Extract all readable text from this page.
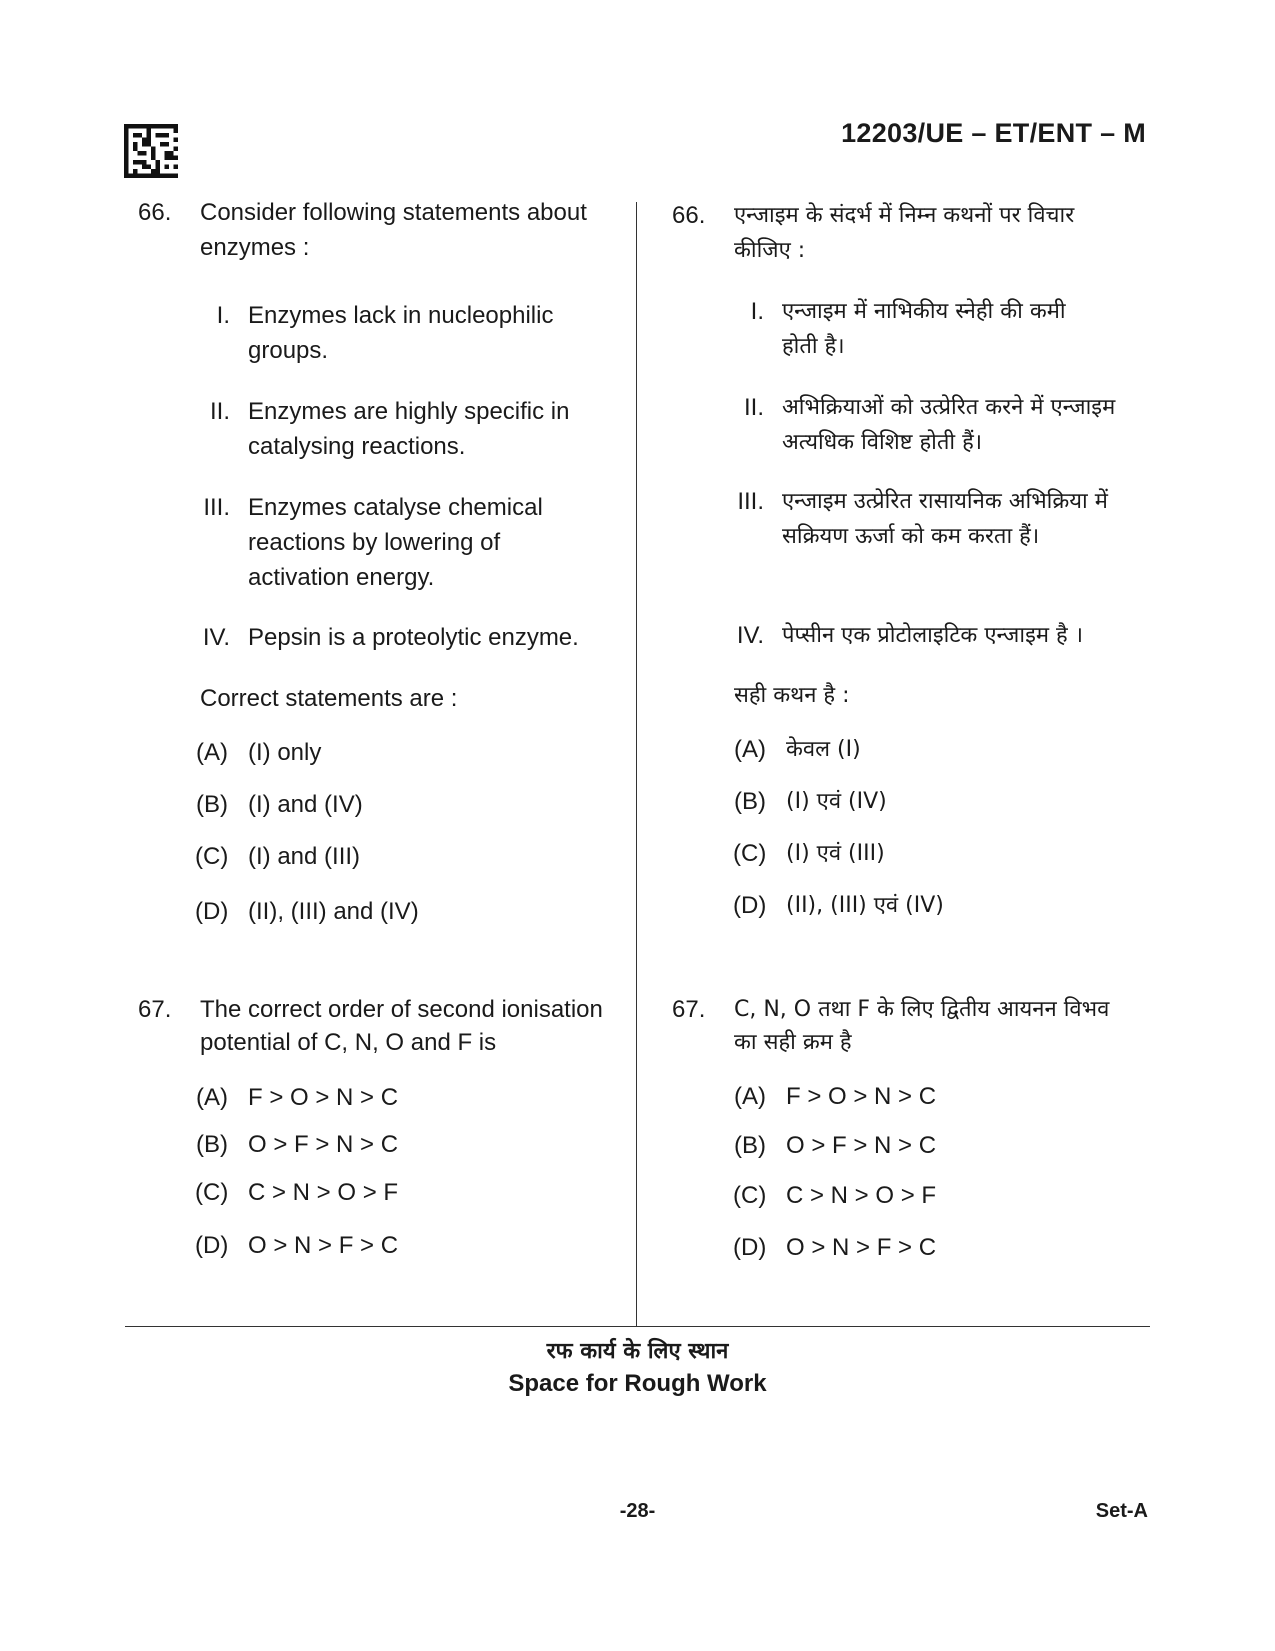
12203/UE – ET/ENT – M
66. Consider following statements about
enzymes :
I. Enzymes lack in nucleophilic
groups.
II. Enzymes are highly specific in
catalysing reactions.
III. Enzymes catalyse chemical
reactions by lowering of
activation energy.
IV. Pepsin is a proteolytic enzyme.
Correct statements are :
(A) (I) only
(B) (I) and (IV)
(C) (I) and (III)
(D) (II), (III) and (IV)
67. The correct order of second ionisation
potential of C, N, O and F is
(A) F > O > N > C
(B) O > F > N > C
(C) C > N > O > F
(D) O > N > F > C
66. एन्जाइम के संदर्भ में निम्न कथनों पर विचार
कीजिए :
I. एन्जाइम में नाभिकीय स्नेही की कमी
होती है।
II. अभिक्रियाओं को उत्प्रेरित करने में एन्जाइम
अत्यधिक विशिष्ट होती हैं।
III. एन्जाइम उत्प्रेरित रासायनिक अभिक्रिया में
सक्रियण ऊर्जा को कम करता हैं।
IV. पेप्सीन एक प्रोटोलाइटिक एन्जाइम है ।
सही कथन है :
(A) केवल (I)
(B) (I) एवं (IV)
(C) (I) एवं (III)
(D) (II), (III) एवं (IV)
67. C, N, O तथा F के लिए द्वितीय आयनन विभव
का सही क्रम है
(A) F > O > N > C
(B) O > F > N > C
(C) C > N > O > F
(D) O > N > F > C
रफ कार्य के लिए स्थान
Space for Rough Work
-28-	Set-A
